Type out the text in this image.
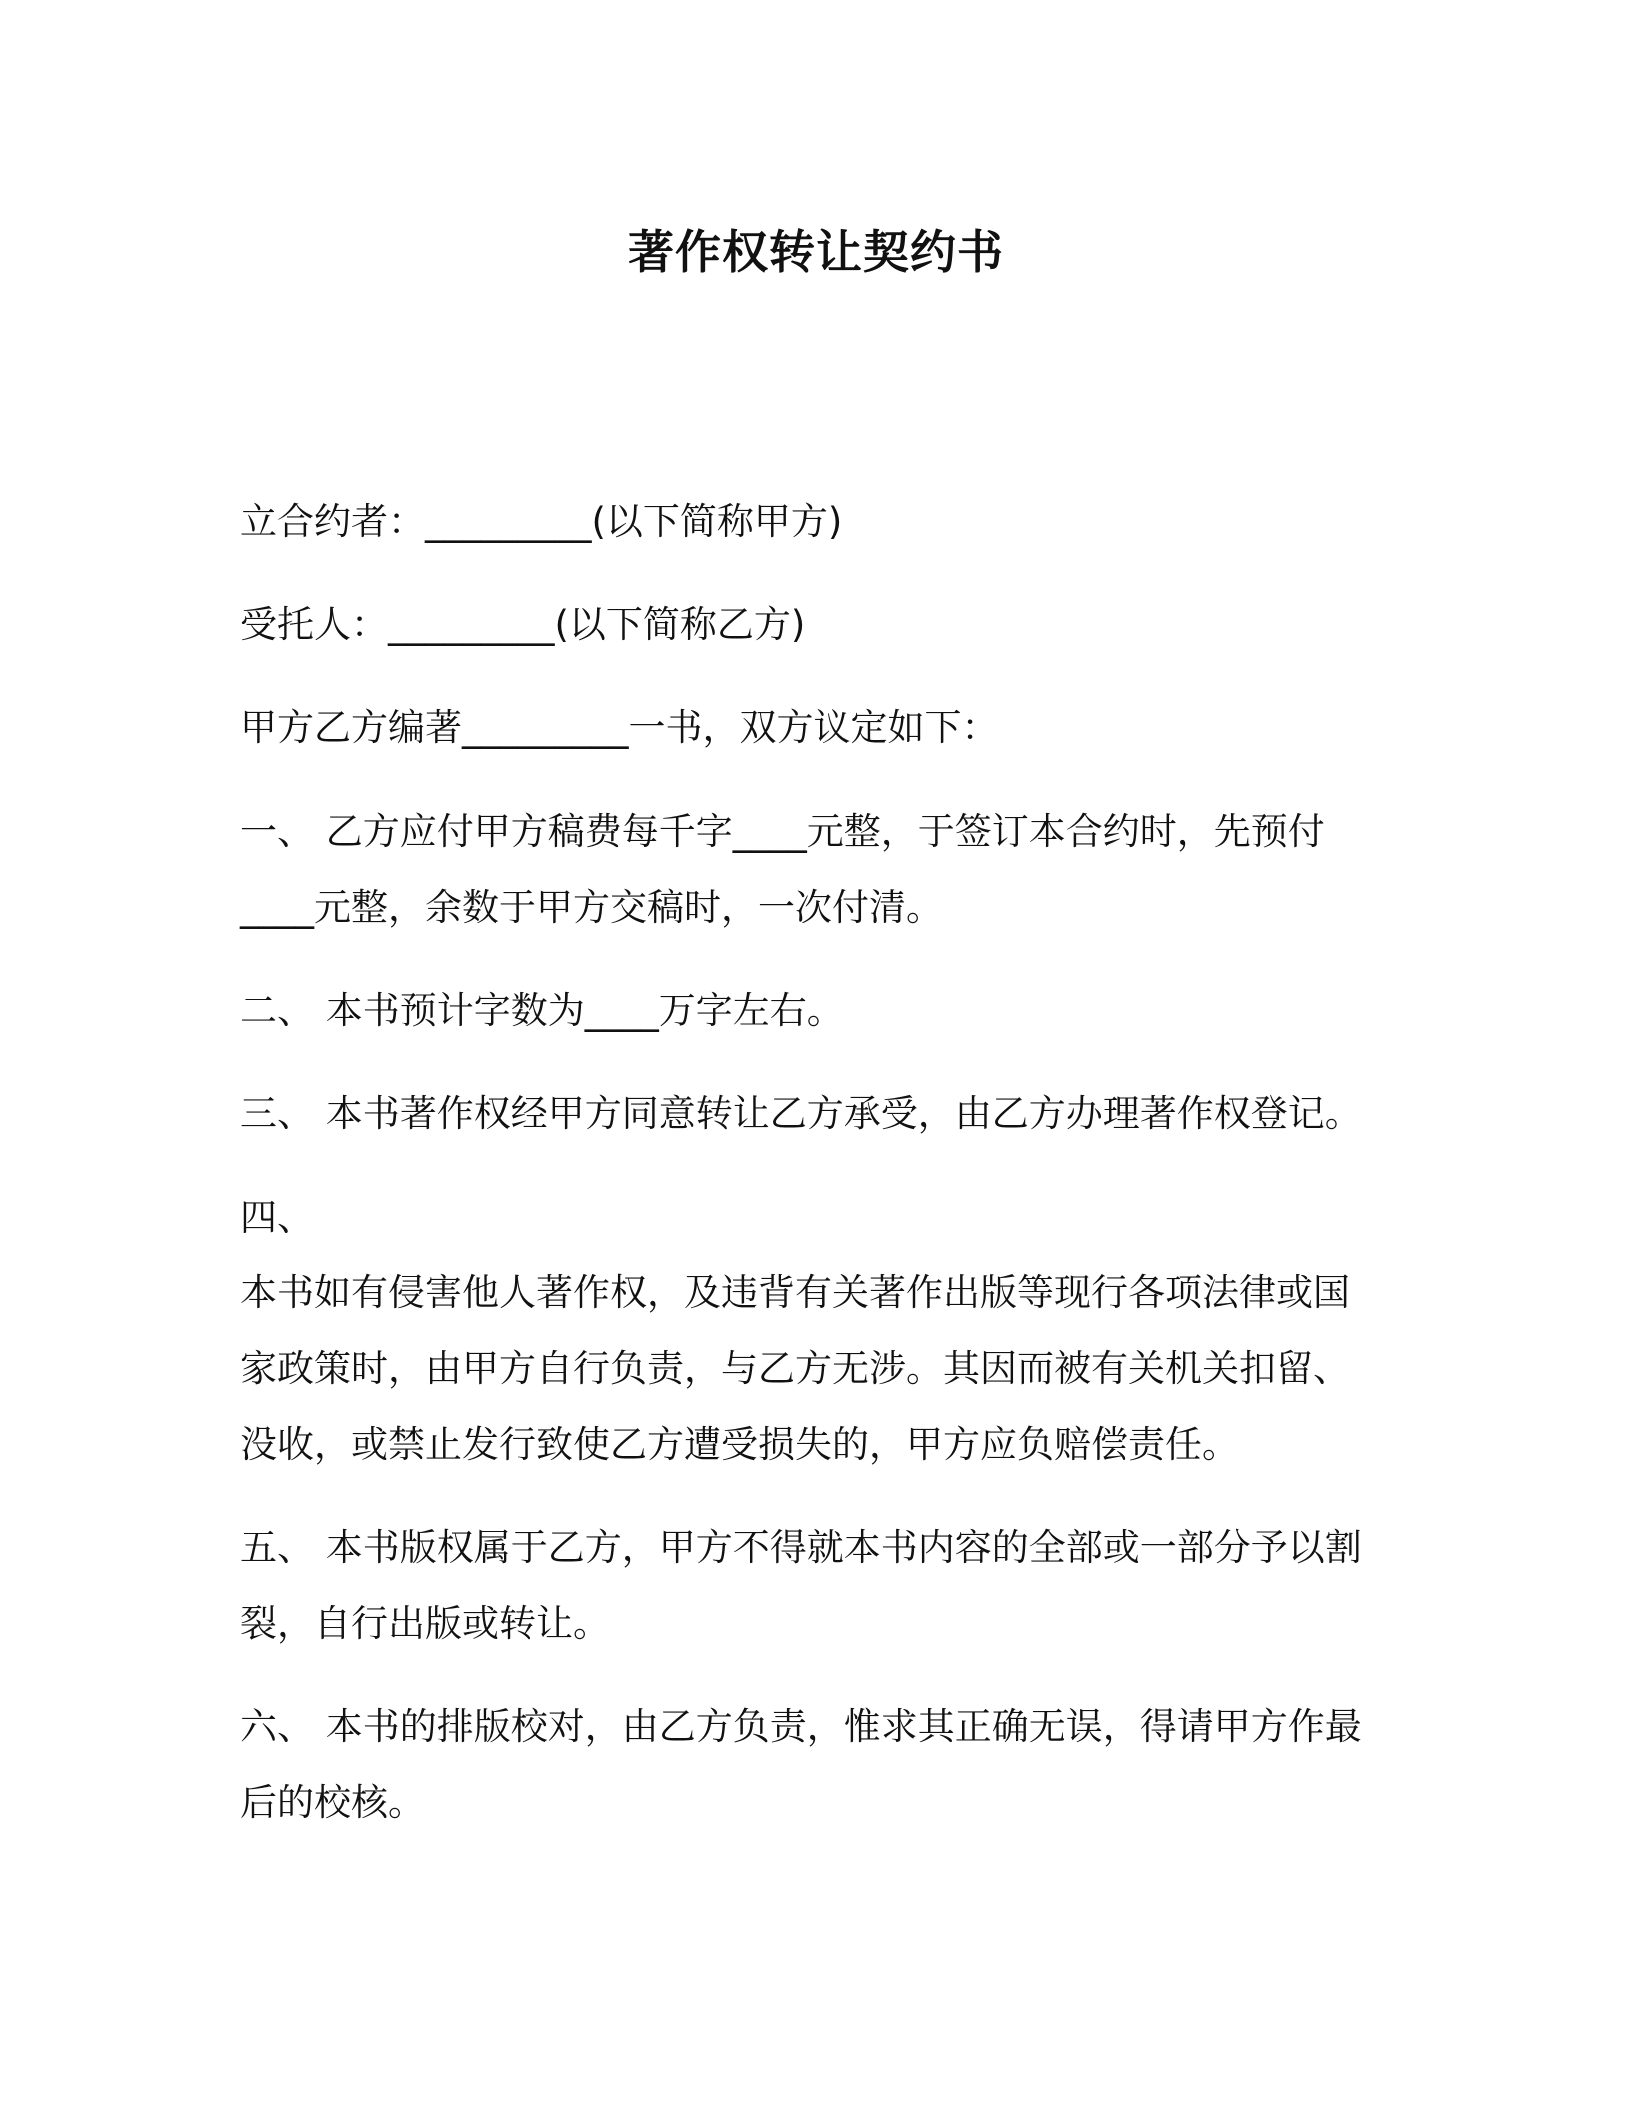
著作权转让契约书
立合约者：_________(以下简称甲方)
受托人：_________(以下简称乙方)
甲方乙方编著_________一书，双方议定如下：
一、 乙方应付甲方稿费每千字____元整，于签订本合约时，先预付
____元整，余数于甲方交稿时，一次付清。
二、 本书预计字数为____万字左右。
三、 本书著作权经甲方同意转让乙方承受，由乙方办理著作权登记。
四、
本书如有侵害他人著作权，及违背有关著作出版等现行各项法律或国
家政策时，由甲方自行负责，与乙方无涉。其因而被有关机关扣留、
没收，或禁止发行致使乙方遭受损失的，甲方应负赔偿责任。
五、 本书版权属于乙方，甲方不得就本书内容的全部或一部分予以割
裂，自行出版或转让。
六、 本书的排版校对，由乙方负责，惟求其正确无误，得请甲方作最
后的校核。
